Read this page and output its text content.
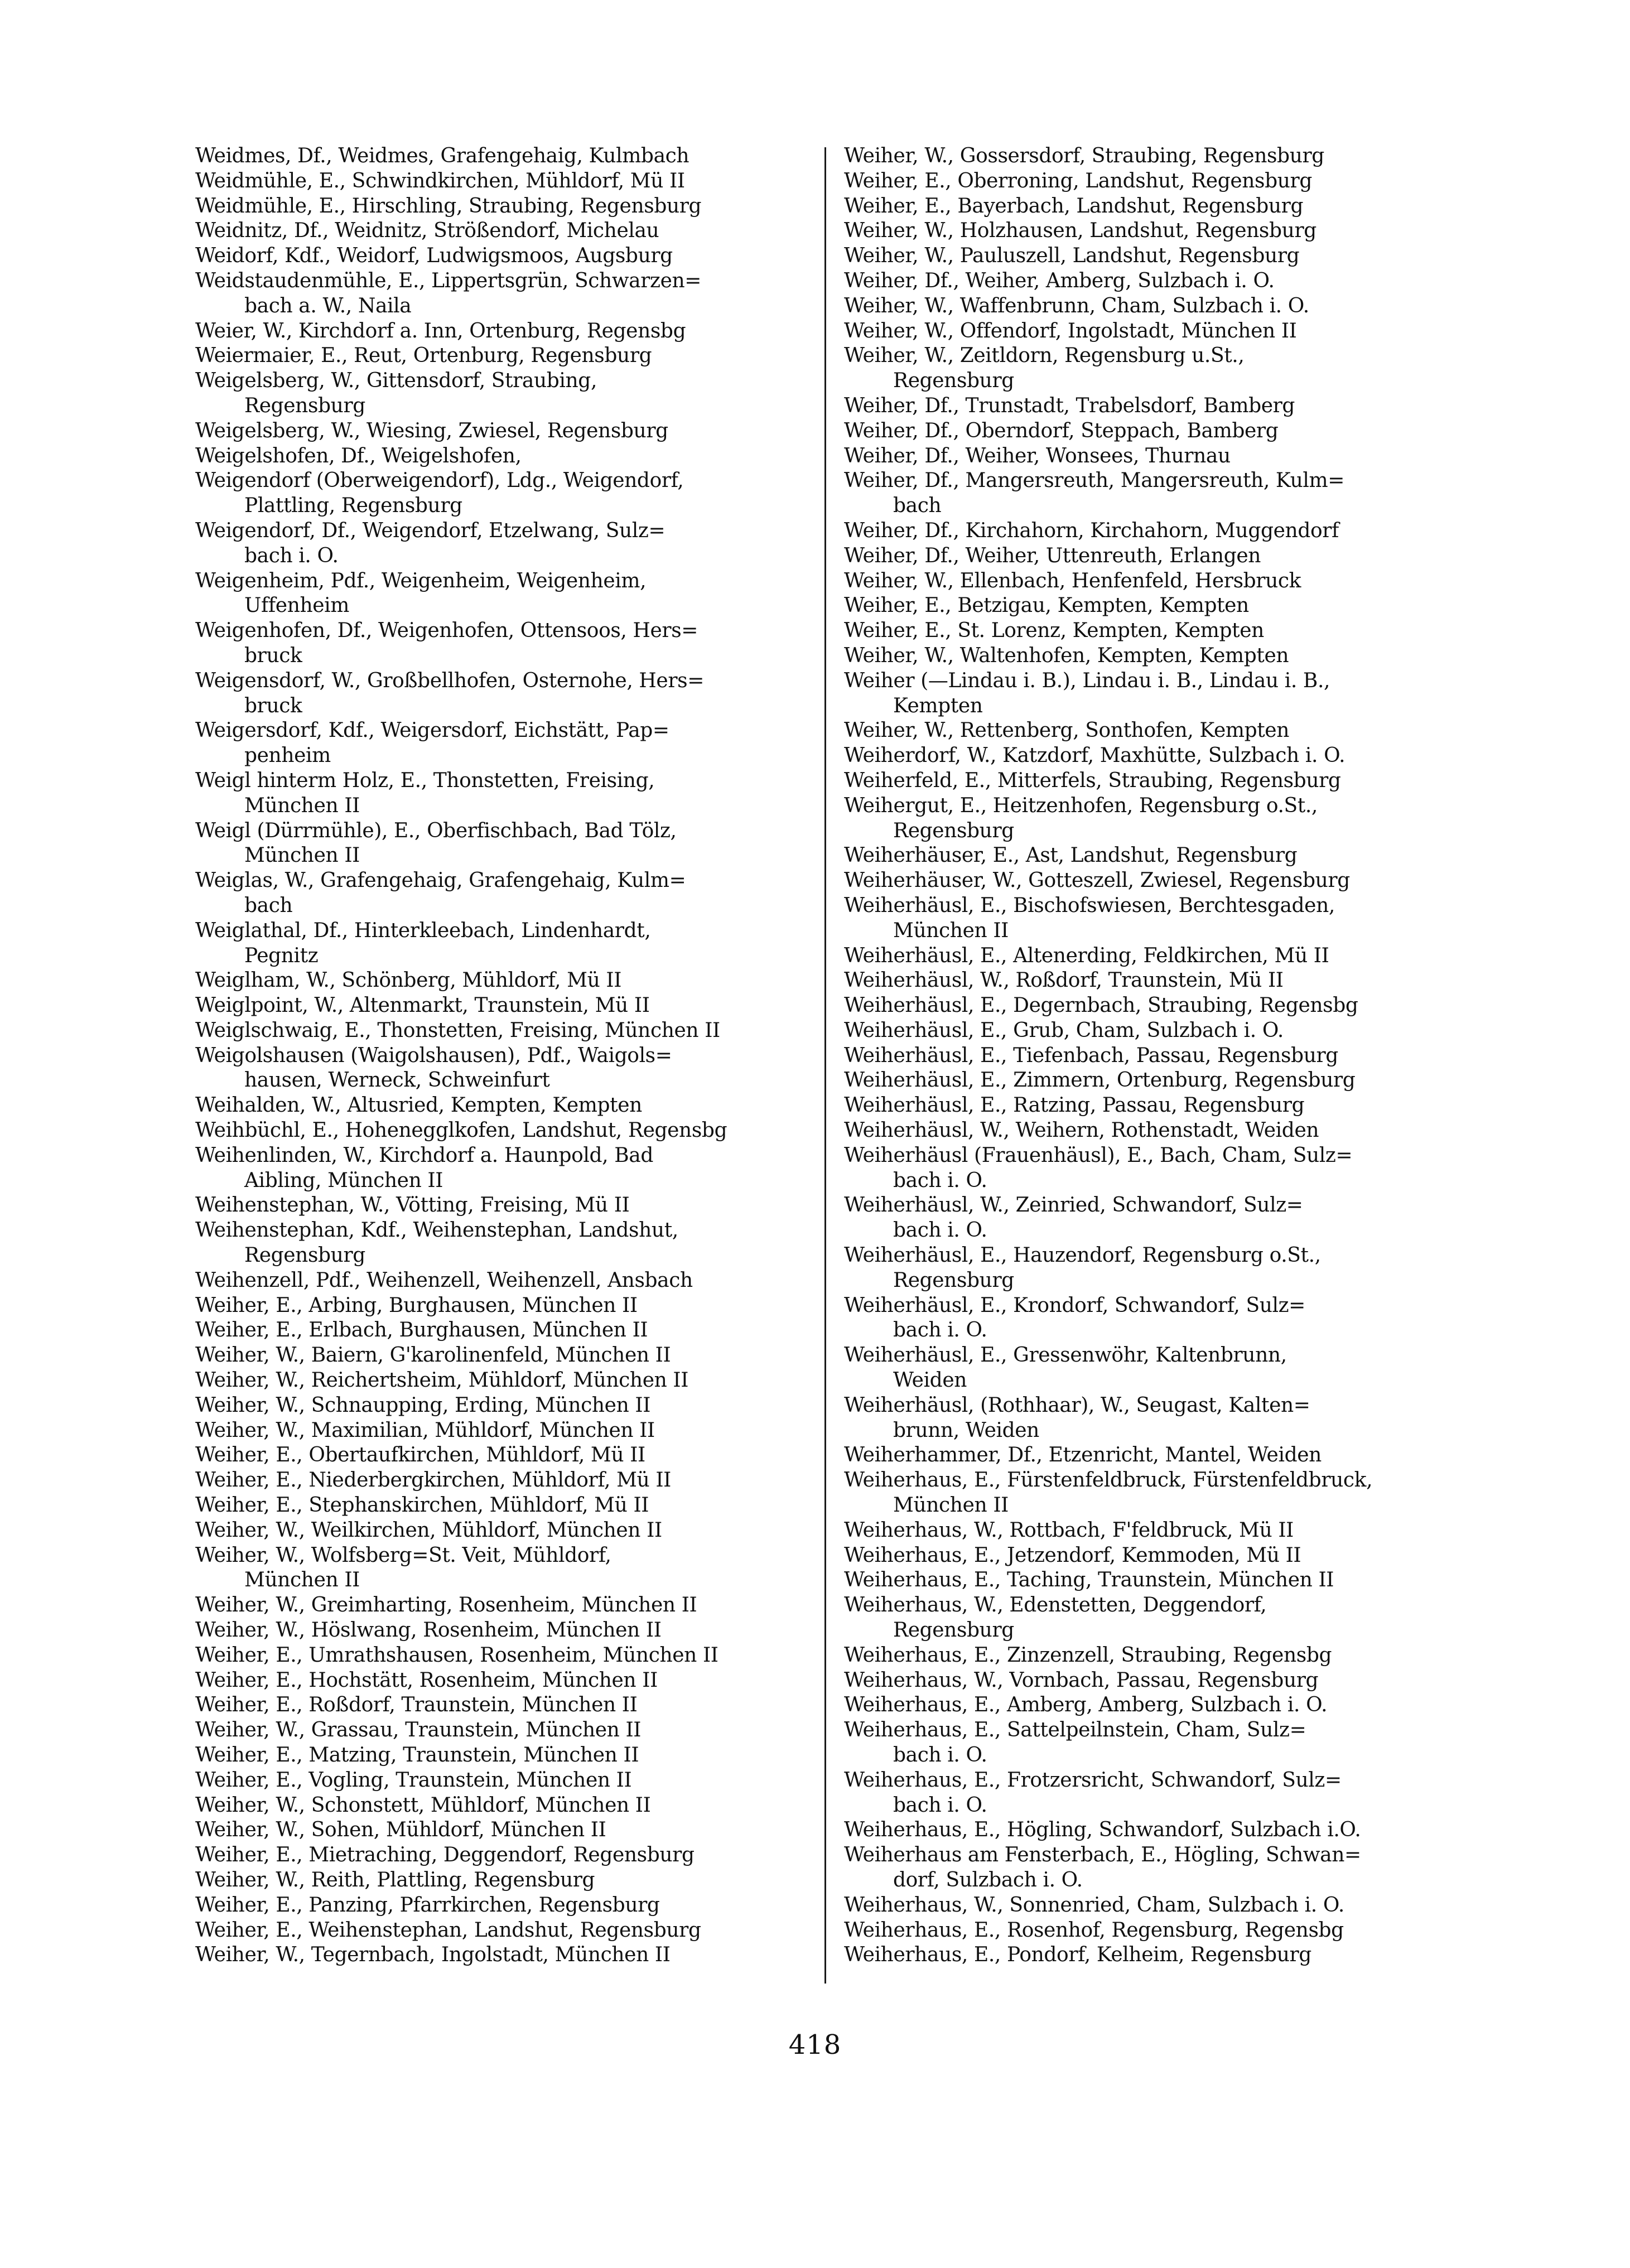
Weidmes, Df., Weidmes, Grafengehaig, Kulmbach
Weidmühle, E., Schwindkirchen, Mühldorf, Mü II
Weidmühle, E., Hirschling, Straubing, Regensburg
Weidnitz, Df., Weidnitz, Strößendorf, Michelau
Weidorf, Kdf., Weidorf, Ludwigsmoos, Augsburg
Weidstaudenmühle, E., Lippertsgrün, Schwarzen=
bach a. W., Naila
Weier, W., Kirchdorf a. Inn, Ortenburg, Regensbg
Weiermaier, E., Reut, Ortenburg, Regensburg
Weigelsberg, W., Gittensdorf, Straubing,
Regensburg
Weigelsberg, W., Wiesing, Zwiesel, Regensburg
Weigelshofen, Df., Weigelshofen,
Weigendorf (Oberweigendorf), Ldg., Weigendorf,
Plattling, Regensburg
Weigendorf, Df., Weigendorf, Etzelwang, Sulz=
bach i. O.
Weigenheim, Pdf., Weigenheim, Weigenheim,
Uffenheim
Weigenhofen, Df., Weigenhofen, Ottensoos, Hers=
bruck
Weigensdorf, W., Großbellhofen, Osternohe, Hers=
bruck
Weigersdorf, Kdf., Weigersdorf, Eichstätt, Pap=
penheim
Weigl hinterm Holz, E., Thonstetten, Freising,
München II
Weigl (Dürrmühle), E., Oberfischbach, Bad Tölz,
München II
Weiglas, W., Grafengehaig, Grafengehaig, Kulm=
bach
Weiglathal, Df., Hinterkleebach, Lindenhardt,
Pegnitz
Weiglham, W., Schönberg, Mühldorf, Mü II
Weiglpoint, W., Altenmarkt, Traunstein, Mü II
Weiglschwaig, E., Thonstetten, Freising, München II
Weigolshausen (Waigolshausen), Pdf., Waigols=
hausen, Werneck, Schweinfurt
Weihalden, W., Altusried, Kempten, Kempten
Weihbüchl, E., Hohenegglkofen, Landshut, Regensbg
Weihenlinden, W., Kirchdorf a. Haunpold, Bad
Aibling, München II
Weihenstephan, W., Vötting, Freising, Mü II
Weihenstephan, Kdf., Weihenstephan, Landshut,
Regensburg
Weihenzell, Pdf., Weihenzell, Weihenzell, Ansbach
Weiher, E., Arbing, Burghausen, München II
Weiher, E., Erlbach, Burghausen, München II
Weiher, W., Baiern, G'karolinenfeld, München II
Weiher, W., Reichertsheim, Mühldorf, München II
Weiher, W., Schnaupping, Erding, München II
Weiher, W., Maximilian, Mühldorf, München II
Weiher, E., Obertaufkirchen, Mühldorf, Mü II
Weiher, E., Niederbergkirchen, Mühldorf, Mü II
Weiher, E., Stephanskirchen, Mühldorf, Mü II
Weiher, W., Weilkirchen, Mühldorf, München II
Weiher, W., Wolfsberg=St. Veit, Mühldorf,
München II
Weiher, W., Greimharting, Rosenheim, München II
Weiher, W., Höslwang, Rosenheim, München II
Weiher, E., Umrathshausen, Rosenheim, München II
Weiher, E., Hochstätt, Rosenheim, München II
Weiher, E., Roßdorf, Traunstein, München II
Weiher, W., Grassau, Traunstein, München II
Weiher, E., Matzing, Traunstein, München II
Weiher, E., Vogling, Traunstein, München II
Weiher, W., Schonstett, Mühldorf, München II
Weiher, W., Sohen, Mühldorf, München II
Weiher, E., Mietraching, Deggendorf, Regensburg
Weiher, W., Reith, Plattling, Regensburg
Weiher, E., Panzing, Pfarrkirchen, Regensburg
Weiher, E., Weihenstephan, Landshut, Regensburg
Weiher, W., Tegernbach, Ingolstadt, München II
Weiher, W., Gossersdorf, Straubing, Regensburg
Weiher, E., Oberroning, Landshut, Regensburg
Weiher, E., Bayerbach, Landshut, Regensburg
Weiher, W., Holzhausen, Landshut, Regensburg
Weiher, W., Pauluszell, Landshut, Regensburg
Weiher, Df., Weiher, Amberg, Sulzbach i. O.
Weiher, W., Waffenbrunn, Cham, Sulzbach i. O.
Weiher, W., Offendorf, Ingolstadt, München II
Weiher, W., Zeitldorn, Regensburg u.St.,
Regensburg
Weiher, Df., Trunstadt, Trabelsdorf, Bamberg
Weiher, Df., Oberndorf, Steppach, Bamberg
Weiher, Df., Weiher, Wonsees, Thurnau
Weiher, Df., Mangersreuth, Mangersreuth, Kulm=
bach
Weiher, Df., Kirchahorn, Kirchahorn, Muggendorf
Weiher, Df., Weiher, Uttenreuth, Erlangen
Weiher, W., Ellenbach, Henfenfeld, Hersbruck
Weiher, E., Betzigau, Kempten, Kempten
Weiher, E., St. Lorenz, Kempten, Kempten
Weiher, W., Waltenhofen, Kempten, Kempten
Weiher (—Lindau i. B.), Lindau i. B., Lindau i. B.,
Kempten
Weiher, W., Rettenberg, Sonthofen, Kempten
Weiherdorf, W., Katzdorf, Maxhütte, Sulzbach i. O.
Weiherfeld, E., Mitterfels, Straubing, Regensburg
Weihergut, E., Heitzenhofen, Regensburg o.St.,
Regensburg
Weiherhäuser, E., Ast, Landshut, Regensburg
Weiherhäuser, W., Gotteszell, Zwiesel, Regensburg
Weiherhäusl, E., Bischofswiesen, Berchtesgaden,
München II
Weiherhäusl, E., Altenerding, Feldkirchen, Mü II
Weiherhäusl, W., Roßdorf, Traunstein, Mü II
Weiherhäusl, E., Degernbach, Straubing, Regensbg
Weiherhäusl, E., Grub, Cham, Sulzbach i. O.
Weiherhäusl, E., Tiefenbach, Passau, Regensburg
Weiherhäusl, E., Zimmern, Ortenburg, Regensburg
Weiherhäusl, E., Ratzing, Passau, Regensburg
Weiherhäusl, W., Weihern, Rothenstadt, Weiden
Weiherhäusl (Frauenhäusl), E., Bach, Cham, Sulz=
bach i. O.
Weiherhäusl, W., Zeinried, Schwandorf, Sulz=
bach i. O.
Weiherhäusl, E., Hauzendorf, Regensburg o.St.,
Regensburg
Weiherhäusl, E., Krondorf, Schwandorf, Sulz=
bach i. O.
Weiherhäusl, E., Gressenwöhr, Kaltenbrunn,
Weiden
Weiherhäusl, (Rothhaar), W., Seugast, Kalten=
brunn, Weiden
Weiherhammer, Df., Etzenricht, Mantel, Weiden
Weiherhaus, E., Fürstenfeldbruck, Fürstenfeldbruck,
München II
Weiherhaus, W., Rottbach, F'feldbruck, Mü II
Weiherhaus, E., Jetzendorf, Kemmoden, Mü II
Weiherhaus, E., Taching, Traunstein, München II
Weiherhaus, W., Edenstetten, Deggendorf,
Regensburg
Weiherhaus, E., Zinzenzell, Straubing, Regensbg
Weiherhaus, W., Vornbach, Passau, Regensburg
Weiherhaus, E., Amberg, Amberg, Sulzbach i. O.
Weiherhaus, E., Sattelpeilnstein, Cham, Sulz=
bach i. O.
Weiherhaus, E., Frotzersricht, Schwandorf, Sulz=
bach i. O.
Weiherhaus, E., Högling, Schwandorf, Sulzbach i.O.
Weiherhaus am Fensterbach, E., Högling, Schwan=
dorf, Sulzbach i. O.
Weiherhaus, W., Sonnenried, Cham, Sulzbach i. O.
Weiherhaus, E., Rosenhof, Regensburg, Regensbg
Weiherhaus, E., Pondorf, Kelheim, Regensburg
418
